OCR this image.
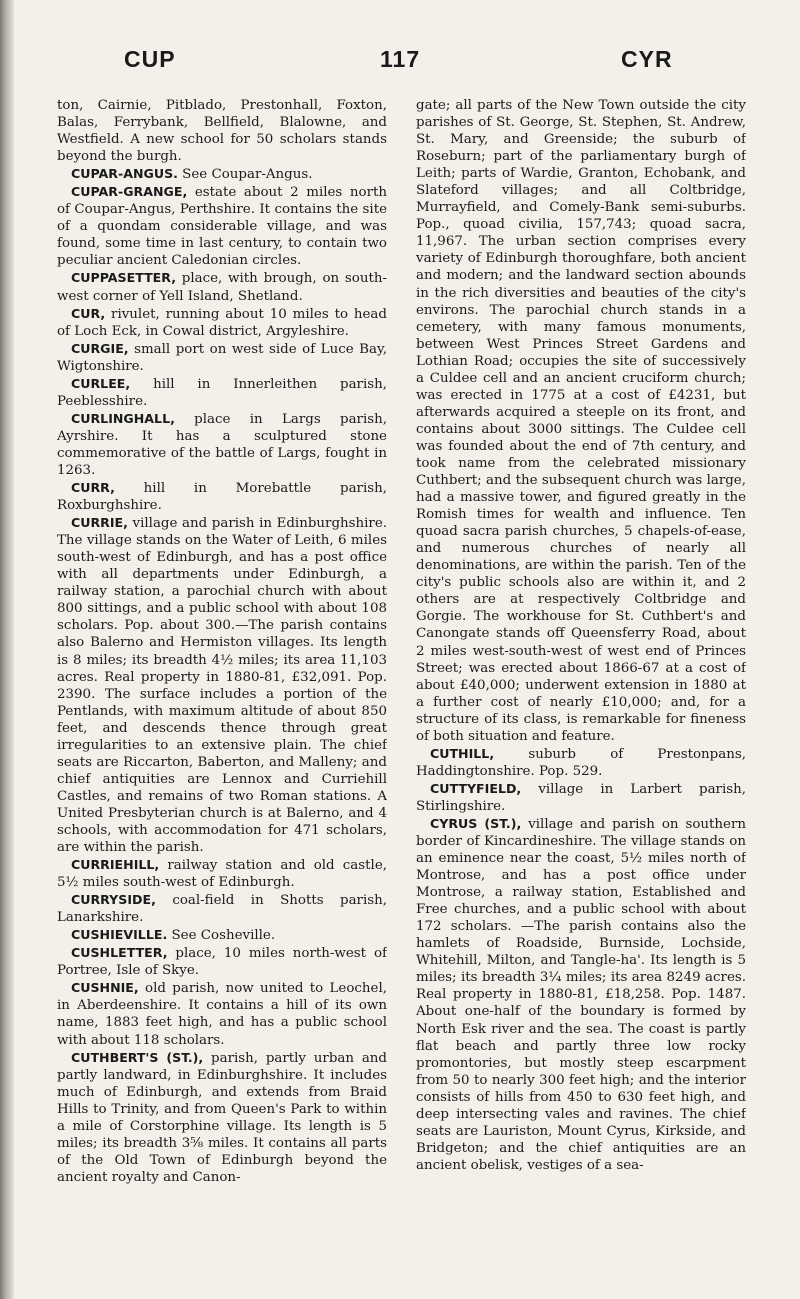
CUP	117	CYR

ton, Cairnie, Pitblado, Prestonhall, Foxton, Balas, Ferrybank, Bellfield, Blalowne, and Westfield. A new school for 50 scholars stands beyond the burgh.

CUPAR-ANGUS. See Coupar-Angus.

CUPAR-GRANGE, estate about 2 miles north of Coupar-Angus, Perthshire. It contains the site of a quondam considerable village, and was found, some time in last century, to contain two peculiar ancient Caledonian circles.

CUPPASETTER, place, with brough, on south-west corner of Yell Island, Shetland.

CUR, rivulet, running about 10 miles to head of Loch Eck, in Cowal district, Argyleshire.

CURGIE, small port on west side of Luce Bay, Wigtonshire.

CURLEE, hill in Innerleithen parish, Peeblesshire.

CURLINGHALL, place in Largs parish, Ayrshire. It has a sculptured stone commemorative of the battle of Largs, fought in 1263.

CURR, hill in Morebattle parish, Roxburghshire.

CURRIE, village and parish in Edinburghshire. The village stands on the Water of Leith, 6 miles south-west of Edinburgh, and has a post office with all departments under Edinburgh, a railway station, a parochial church with about 800 sittings, and a public school with about 108 scholars. Pop. about 300.—The parish contains also Balerno and Hermiston villages. Its length is 8 miles; its breadth 4½ miles; its area 11,103 acres. Real property in 1880-81, £32,091. Pop. 2390. The surface includes a portion of the Pentlands, with maximum altitude of about 850 feet, and descends thence through great irregularities to an extensive plain. The chief seats are Riccarton, Baberton, and Malleny; and chief antiquities are Lennox and Curriehill Castles, and remains of two Roman stations. A United Presbyterian church is at Balerno, and 4 schools, with accommodation for 471 scholars, are within the parish.

CURRIEHILL, railway station and old castle, 5½ miles south-west of Edinburgh.

CURRYSIDE, coal-field in Shotts parish, Lanarkshire.

CUSHIEVILLE. See Cosheville.

CUSHLETTER, place, 10 miles north-west of Portree, Isle of Skye.

CUSHNIE, old parish, now united to Leochel, in Aberdeenshire. It contains a hill of its own name, 1883 feet high, and has a public school with about 118 scholars.

CUTHBERT'S (ST.), parish, partly urban and partly landward, in Edinburghshire. It includes much of Edinburgh, and extends from Braid Hills to Trinity, and from Queen's Park to within a mile of Corstorphine village. Its length is 5 miles; its breadth 3⅝ miles. It contains all parts of the Old Town of Edinburgh beyond the ancient royalty and Canon-

gate; all parts of the New Town outside the city parishes of St. George, St. Stephen, St. Andrew, St. Mary, and Greenside; the suburb of Roseburn; part of the parliamentary burgh of Leith; parts of Wardie, Granton, Echobank, and Slateford villages; and all Coltbridge, Murrayfield, and Comely-Bank semi-suburbs. Pop., quoad civilia, 157,743; quoad sacra, 11,967. The urban section comprises every variety of Edinburgh thoroughfare, both ancient and modern; and the landward section abounds in the rich diversities and beauties of the city's environs. The parochial church stands in a cemetery, with many famous monuments, between West Princes Street Gardens and Lothian Road; occupies the site of successively a Culdee cell and an ancient cruciform church; was erected in 1775 at a cost of £4231, but afterwards acquired a steeple on its front, and contains about 3000 sittings. The Culdee cell was founded about the end of 7th century, and took name from the celebrated missionary Cuthbert; and the subsequent church was large, had a massive tower, and figured greatly in the Romish times for wealth and influence. Ten quoad sacra parish churches, 5 chapels-of-ease, and numerous churches of nearly all denominations, are within the parish. Ten of the city's public schools also are within it, and 2 others are at respectively Coltbridge and Gorgie. The workhouse for St. Cuthbert's and Canongate stands off Queensferry Road, about 2 miles west-south-west of west end of Princes Street; was erected about 1866-67 at a cost of about £40,000; underwent extension in 1880 at a further cost of nearly £10,000; and, for a structure of its class, is remarkable for fineness of both situation and feature.

CUTHILL, suburb of Prestonpans, Haddingtonshire. Pop. 529.

CUTTYFIELD, village in Larbert parish, Stirlingshire.

CYRUS (ST.), village and parish on southern border of Kincardineshire. The village stands on an eminence near the coast, 5½ miles north of Montrose, and has a post office under Montrose, a railway station, Established and Free churches, and a public school with about 172 scholars. —The parish contains also the hamlets of Roadside, Burnside, Lochside, Whitehill, Milton, and Tangle-ha'. Its length is 5 miles; its breadth 3¼ miles; its area 8249 acres. Real property in 1880-81, £18,258. Pop. 1487. About one-half of the boundary is formed by North Esk river and the sea. The coast is partly flat beach and partly three low rocky promontories, but mostly steep escarpment from 50 to nearly 300 feet high; and the interior consists of hills from 450 to 630 feet high, and deep intersecting vales and ravines. The chief seats are Lauriston, Mount Cyrus, Kirkside, and Bridgeton; and the chief antiquities are an ancient obelisk, vestiges of a sea-
